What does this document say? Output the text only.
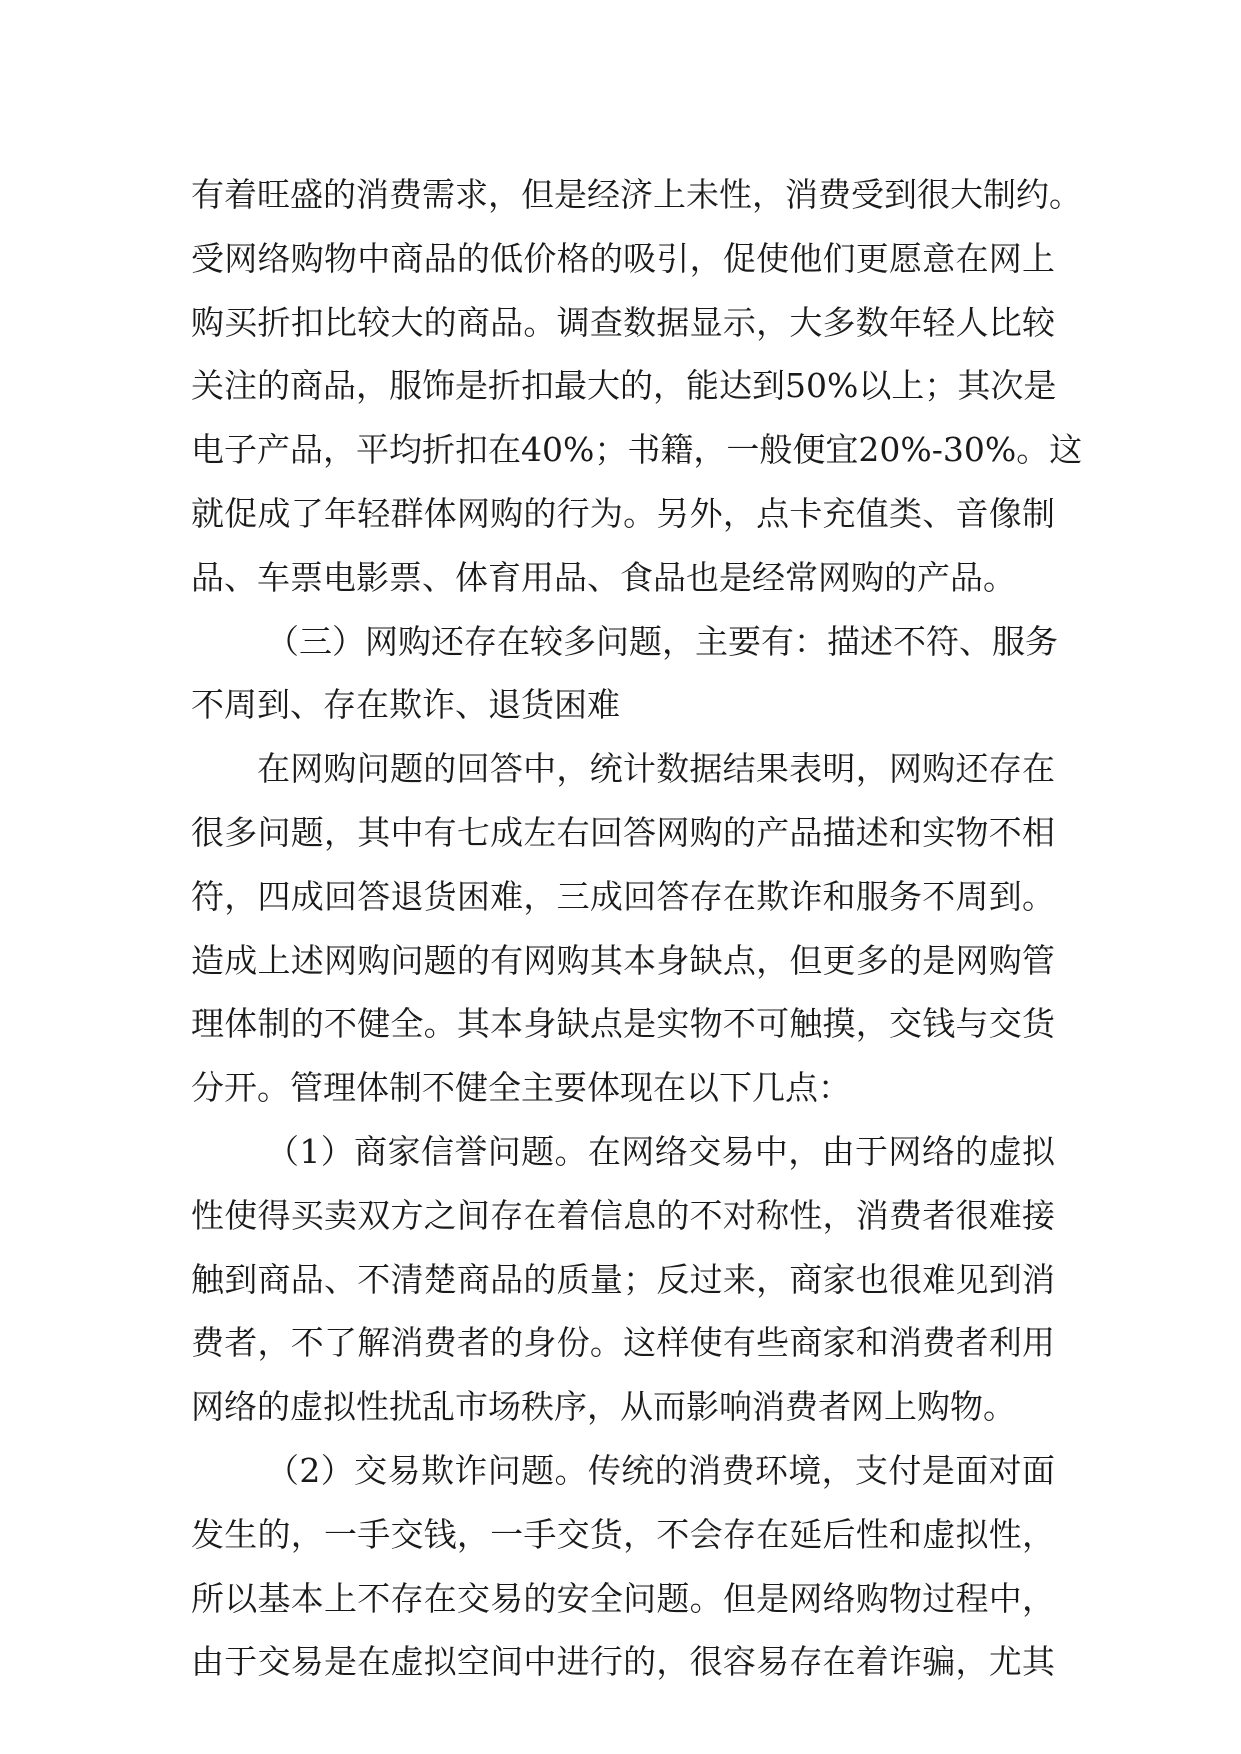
有着旺盛的消费需求，但是经济上未性，消费受到很大制约。
受网络购物中商品的低价格的吸引，促使他们更愿意在网上
购买折扣比较大的商品。调查数据显示，大多数年轻人比较
关注的商品，服饰是折扣最大的，能达到50%以上；其次是
电子产品，平均折扣在40%；书籍，一般便宜20%-30%。这
就促成了年轻群体网购的行为。另外，点卡充值类、音像制
品、车票电影票、体育用品、食品也是经常网购的产品。
（三）网购还存在较多问题，主要有：描述不符、服务
不周到、存在欺诈、退货困难
在网购问题的回答中，统计数据结果表明，网购还存在
很多问题，其中有七成左右回答网购的产品描述和实物不相
符，四成回答退货困难，三成回答存在欺诈和服务不周到。
造成上述网购问题的有网购其本身缺点，但更多的是网购管
理体制的不健全。其本身缺点是实物不可触摸，交钱与交货
分开。管理体制不健全主要体现在以下几点：
（1）商家信誉问题。在网络交易中，由于网络的虚拟
性使得买卖双方之间存在着信息的不对称性，消费者很难接
触到商品、不清楚商品的质量；反过来，商家也很难见到消
费者，不了解消费者的身份。这样使有些商家和消费者利用
网络的虚拟性扰乱市场秩序，从而影响消费者网上购物。
（2）交易欺诈问题。传统的消费环境，支付是面对面
发生的，一手交钱，一手交货，不会存在延后性和虚拟性，
所以基本上不存在交易的安全问题。但是网络购物过程中，
由于交易是在虚拟空间中进行的，很容易存在着诈骗，尤其
